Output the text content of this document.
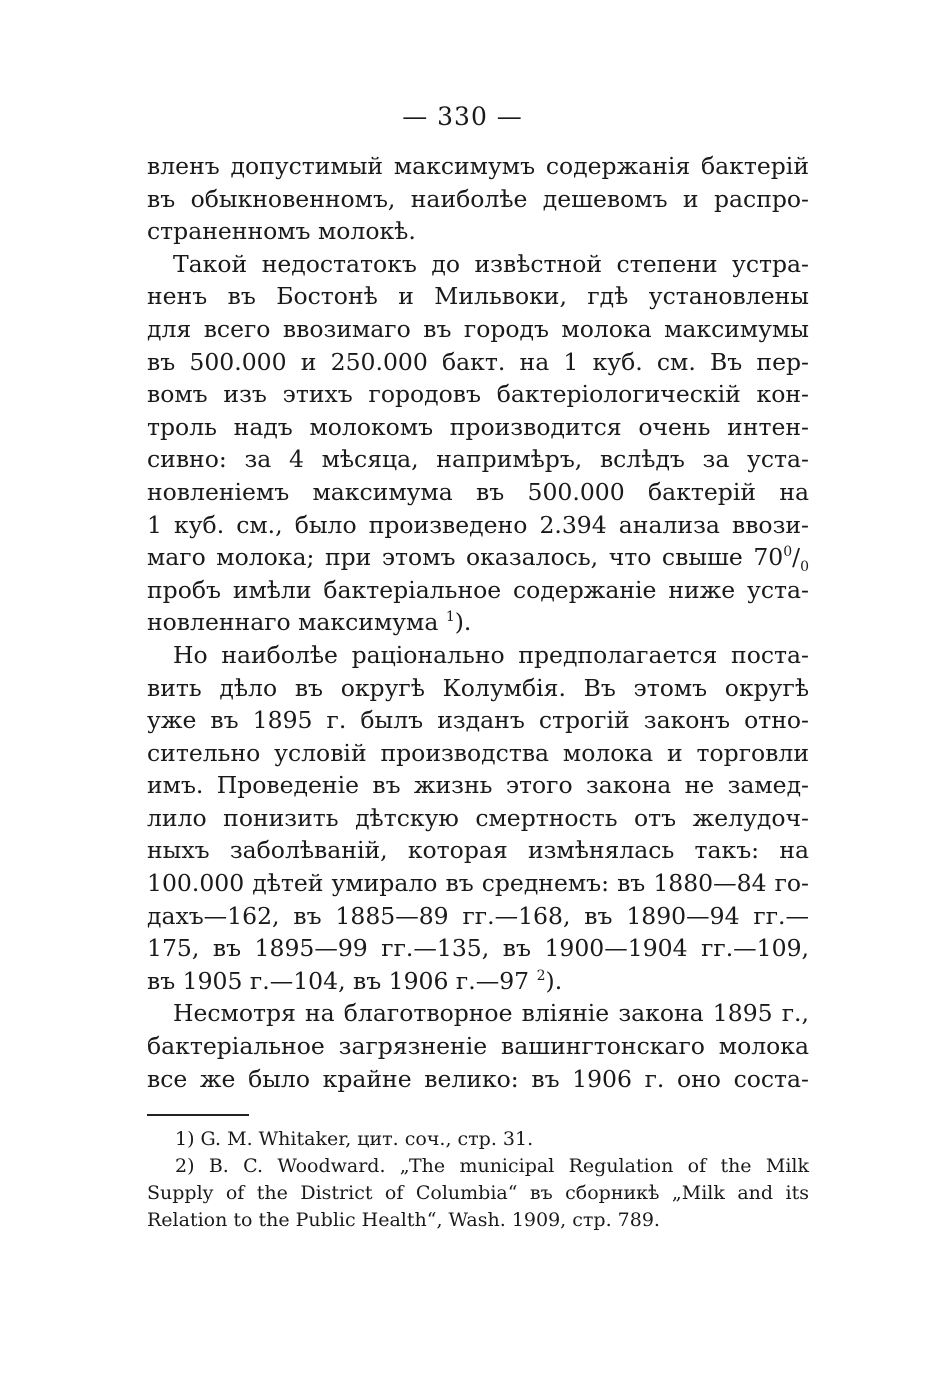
— 330 —
вленъ допустимый максимумъ содержанія бактерій
въ обыкновенномъ, наиболѣе дешевомъ и распро-
страненномъ молокѣ.
Такой недостатокъ до извѣстной степени устра-
ненъ въ Бостонѣ и Мильвоки, гдѣ установлены
для всего ввозимаго въ городъ молока максимумы
въ 500.000 и 250.000 бакт. на 1 куб. см. Въ пер-
вомъ изъ этихъ городовъ бактеріологическій кон-
троль надъ молокомъ производится очень интен-
сивно: за 4 мѣсяца, напримѣръ, вслѣдъ за уста-
новленіемъ максимума въ 500.000 бактерій на
1 куб. см., было произведено 2.394 анализа ввози-
маго молока; при этомъ оказалось, что свыше $70^0/_0$
пробъ имѣли бактеріальное содержаніе ниже уста-
новленнаго максимума $^1$).
Но наиболѣе раціонально предполагается поста-
вить дѣло въ округѣ Колумбія. Въ этомъ округѣ
уже въ 1895 г. былъ изданъ строгій законъ отно-
сительно условій производства молока и торговли
имъ. Проведеніе въ жизнь этого закона не замед-
лило понизить дѣтскую смертность отъ желудоч-
ныхъ заболѣваній, которая измѣнялась такъ: на
100.000 дѣтей умирало въ среднемъ: въ 1880—84 го-
дахъ—162, въ 1885—89 гг.—168, въ 1890—94 гг.—
175, въ 1895—99 гг.—135, въ 1900—1904 гг.—109,
въ 1905 г.—104, въ 1906 г.—97 $^2$).
Несмотря на благотворное вліяніе закона 1895 г.,
бактеріальное загрязненіе вашингтонскаго молока
все же было крайне велико: въ 1906 г. оно соста-
1) G. M. Whitaker, цит. соч., стр. 31.
2) B. C. Woodward. „The municipal Regulation of the Milk
Supply of the District of Columbia“ въ сборникѣ „Milk and its
Relation to the Public Health“, Wash. 1909, стр. 789.
